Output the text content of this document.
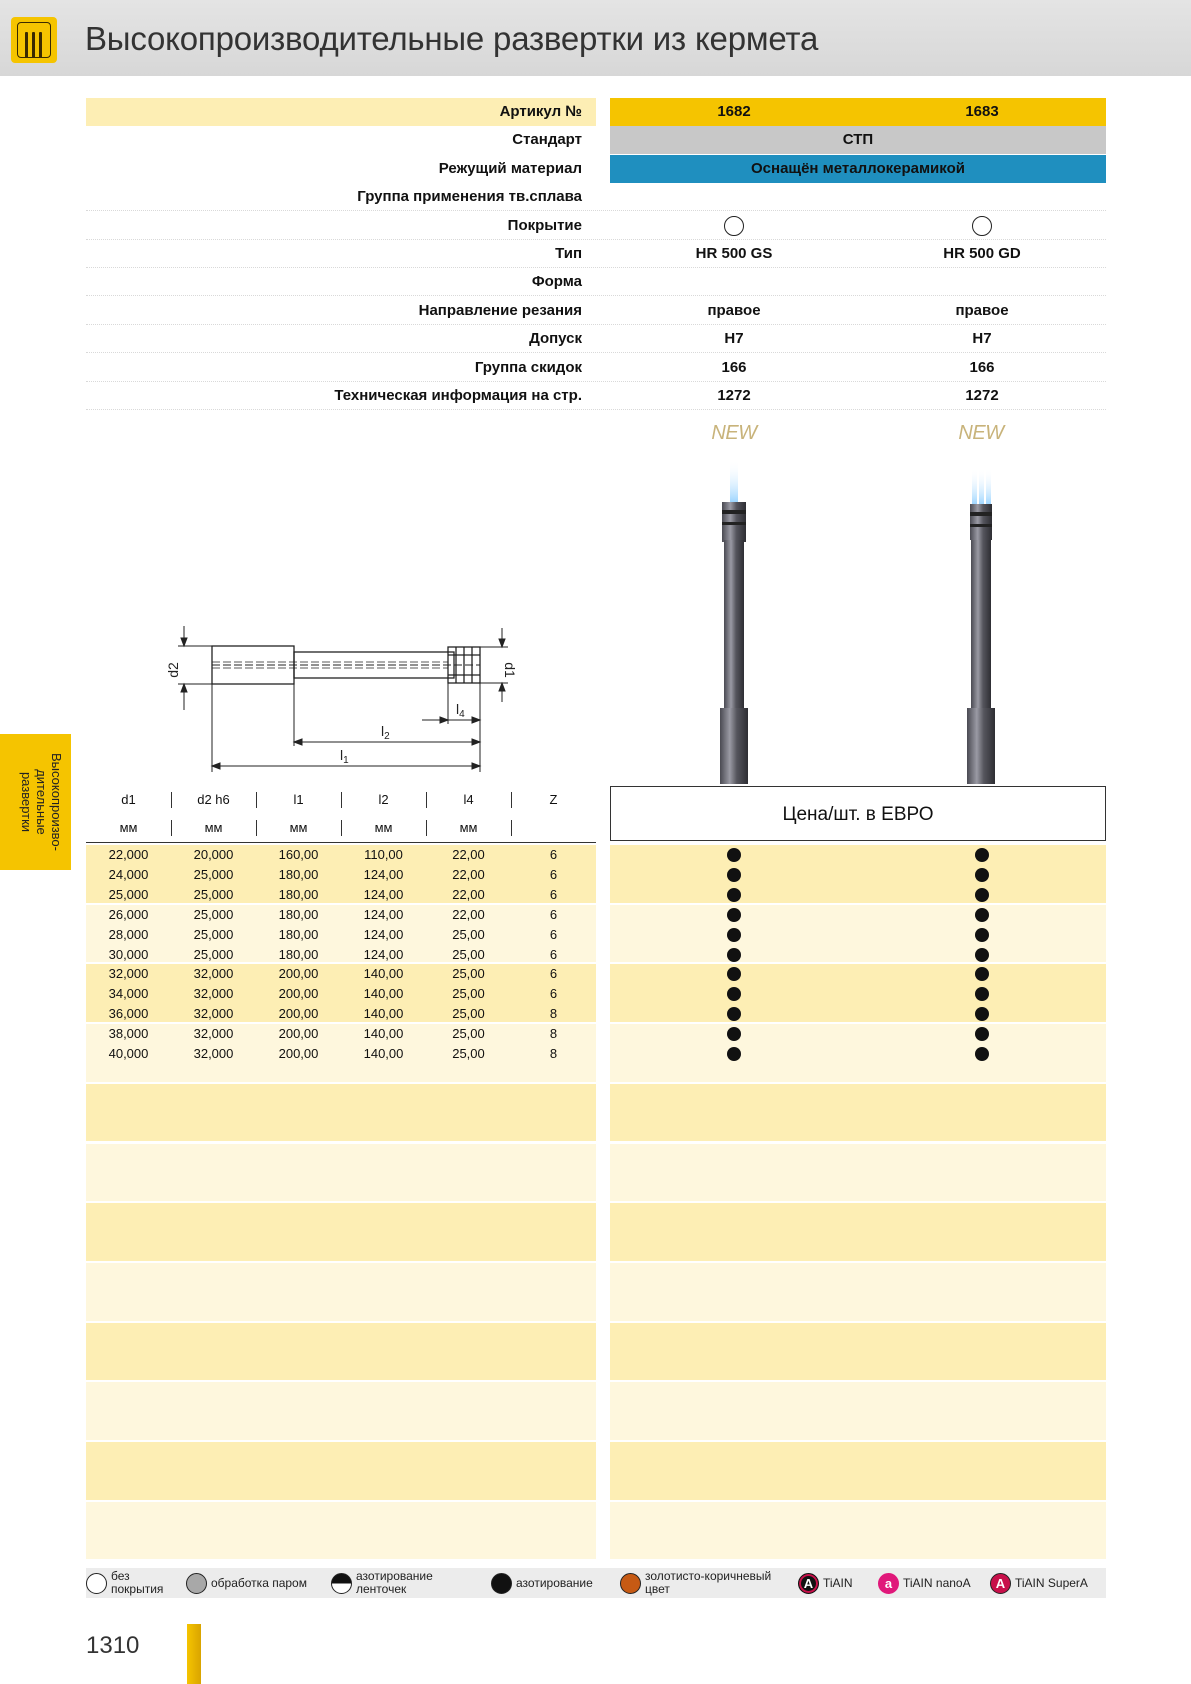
Высокопроизводительные развертки из кермета
Артикул №	1682	1683
Стандарт	СТП
Режущий материал	Оснащён металлокерамикой
Группа применения тв.сплава
Покрытие
Тип	HR 500 GS	HR 500 GD
Форма
Направление резания	правое	правое
Допуск	H7	H7
Группа скидок	166	166
Техническая информация на стр.	1272	1272
NEW	NEW
d2	d1
$l_4$
$l_2$
$l_1$
Высокопроизво-дительные развертки	d1	d2 h6	l1	l2	l4	Z
мм	мм	мм	мм	мм
22,000	20,000	160,00	110,00	22,00	6
24,000	25,000	180,00	124,00	22,00	6
25,000	25,000	180,00	124,00	22,00	6
26,000	25,000	180,00	124,00	22,00	6
28,000	25,000	180,00	124,00	25,00	6
30,000	25,000	180,00	124,00	25,00	6
32,000	32,000	200,00	140,00	25,00	6
34,000	32,000	200,00	140,00	25,00	6
36,000	32,000	200,00	140,00	25,00	8
38,000	32,000	200,00	140,00	25,00	8
40,000	32,000	200,00	140,00	25,00	8
Цена/шт. в ЕВРО
без покрытия	обработка паром	азотирование ленточек	азотирование	золотисто-коричневый цвет	A TiAIN	a TiAIN nanoA	A TiAIN SuperA
1310
